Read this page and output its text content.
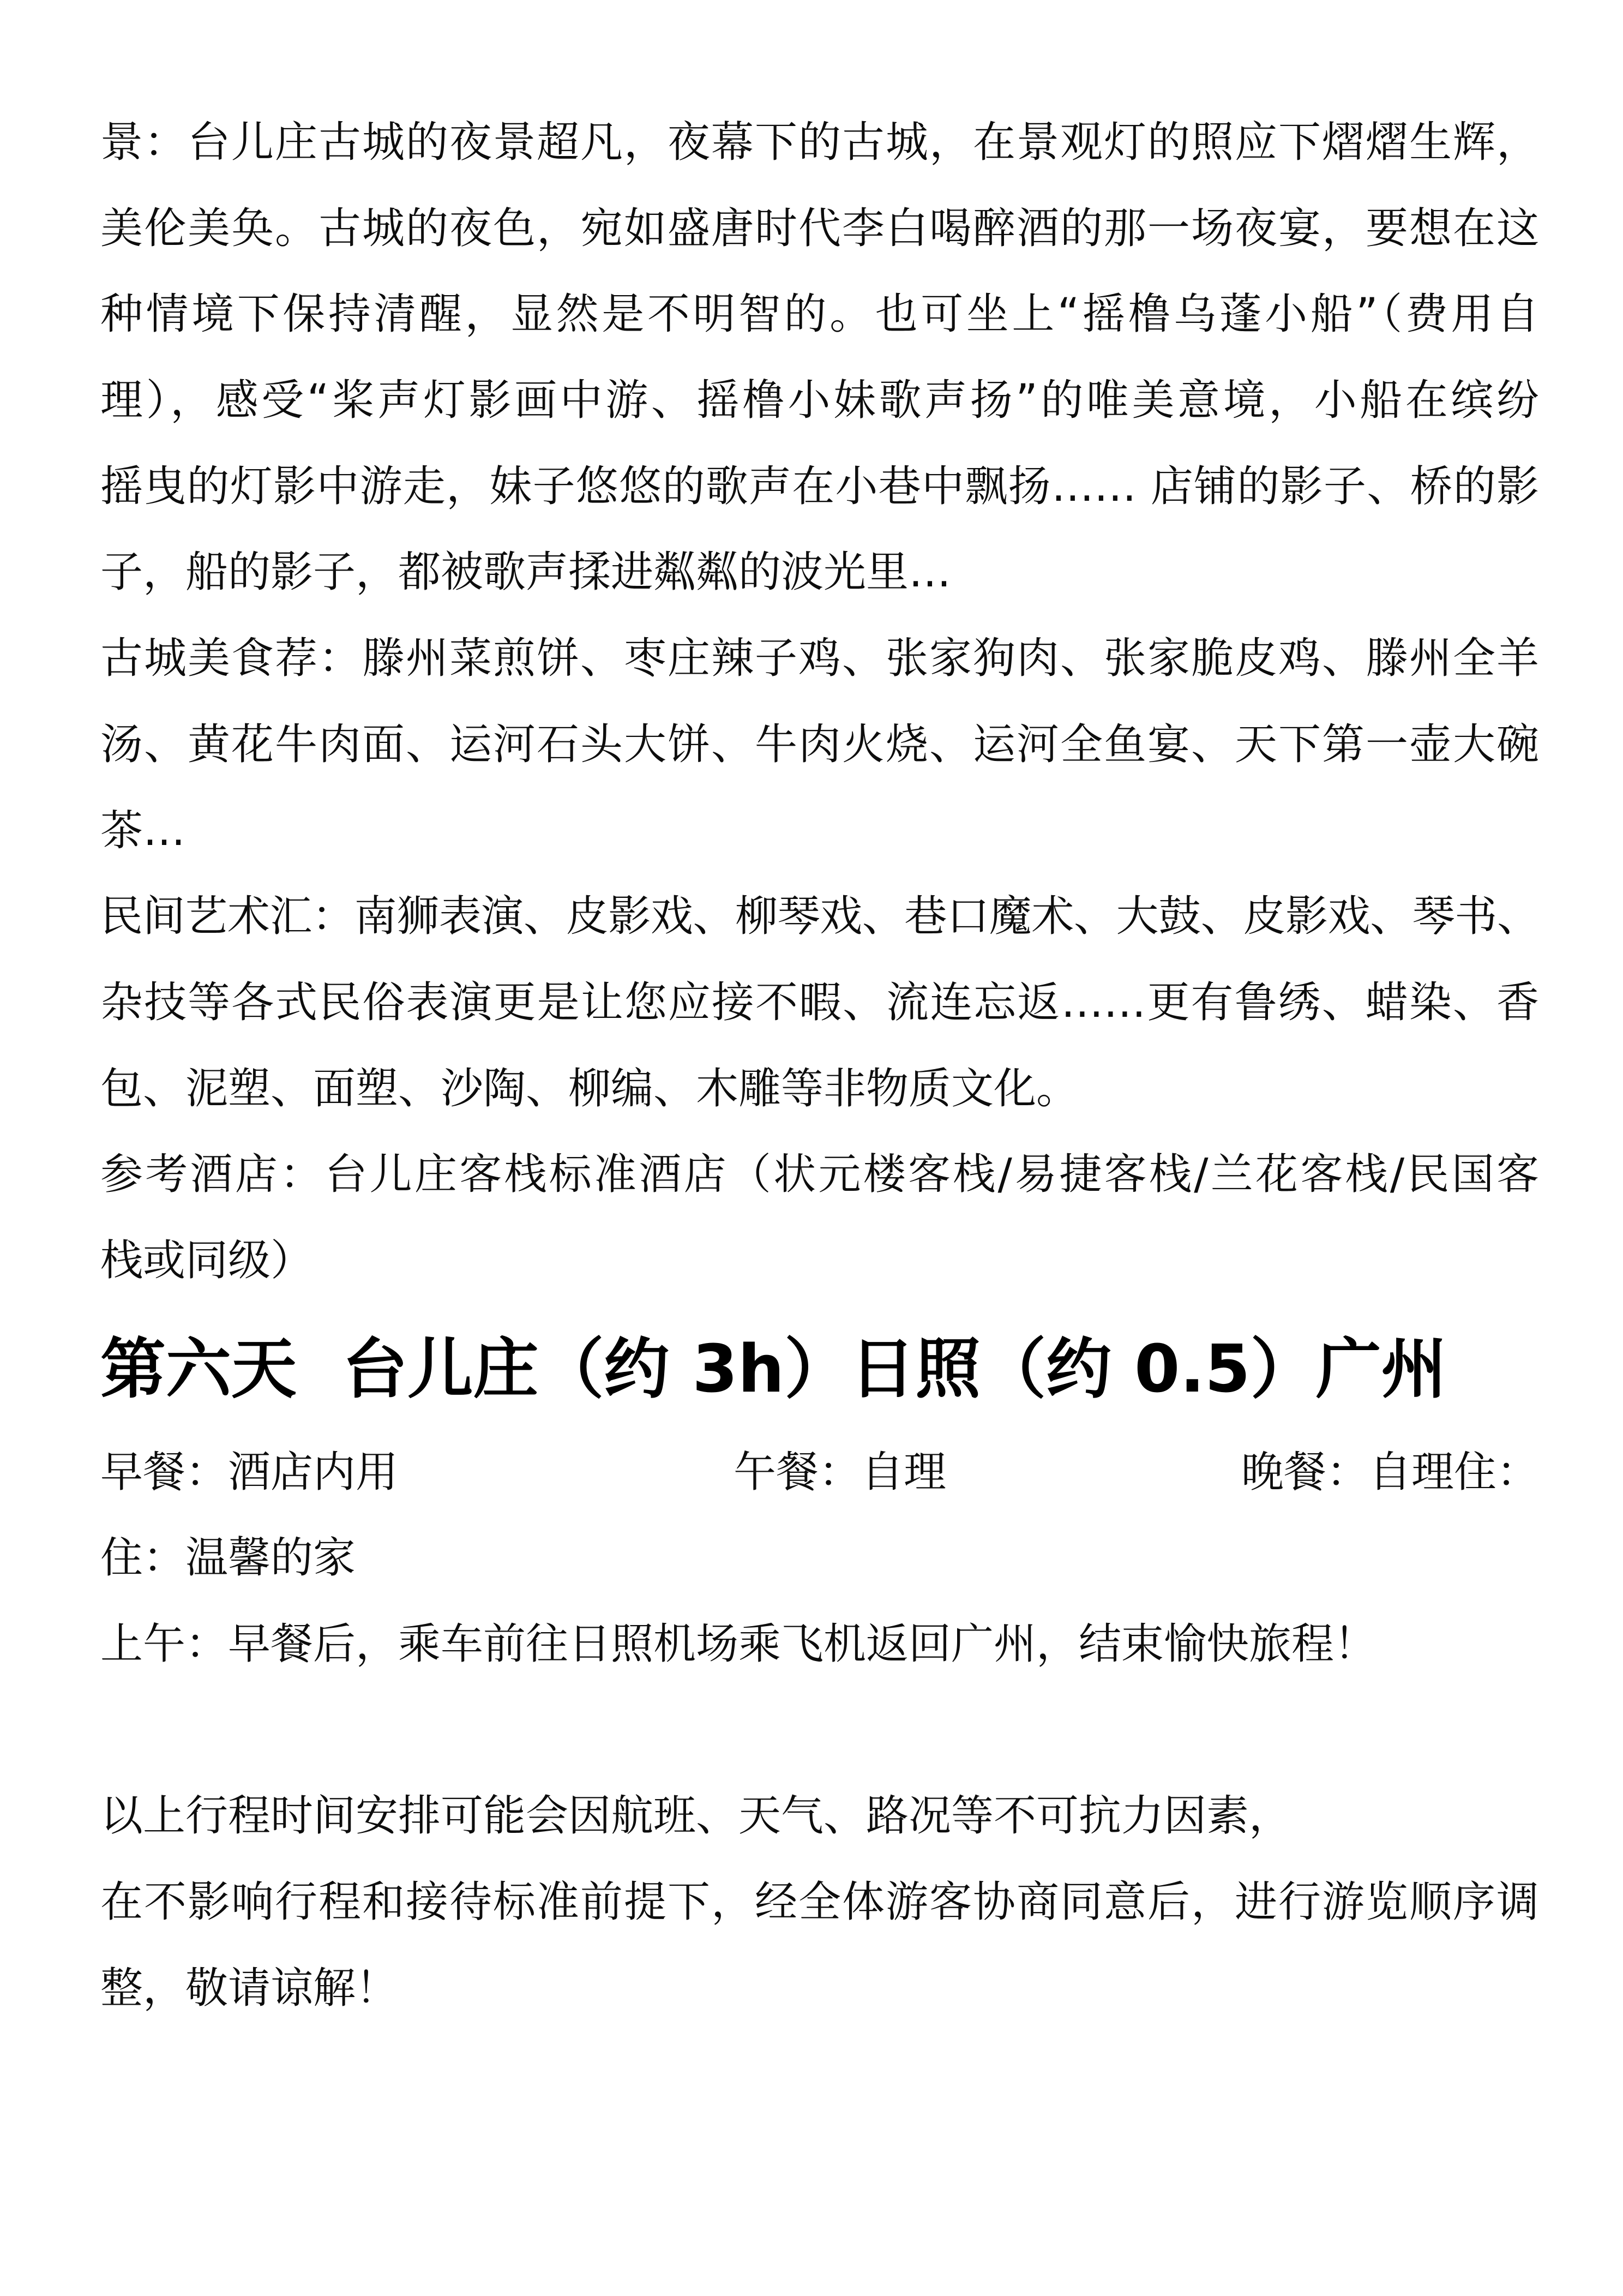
景：台儿庄古城的夜景超凡，夜幕下的古城，在景观灯的照应下熠熠生辉，
美伦美奂。古城的夜色，宛如盛唐时代李白喝醉酒的那一场夜宴，要想在这
种情境下保持清醒，显然是不明智的。也可坐上“摇橹乌蓬小船”（费用自
理），感受“桨声灯影画中游、摇橹小妹歌声扬”的唯美意境，小船在缤纷
摇曳的灯影中游走，妹子悠悠的歌声在小巷中飘扬…… 店铺的影子、桥的影
子，船的影子，都被歌声揉进粼粼的波光里…
古城美食荐：滕州菜煎饼、枣庄辣子鸡、张家狗肉、张家脆皮鸡、滕州全羊
汤、黄花牛肉面、运河石头大饼、牛肉火烧、运河全鱼宴、天下第一壶大碗
茶…
民间艺术汇：南狮表演、皮影戏、柳琴戏、巷口魔术、大鼓、皮影戏、琴书、
杂技等各式民俗表演更是让您应接不暇、流连忘返……更有鲁绣、蜡染、香
包、泥塑、面塑、沙陶、柳编、木雕等非物质文化。
参考酒店：台儿庄客栈标准酒店（状元楼客栈/易捷客栈/兰花客栈/民国客
栈或同级）
第六天  台儿庄（约 3h）日照（约 0.5）广州
早餐：酒店内用	午餐：自理	晚餐：自理住：
住：温馨的家
上午：早餐后，乘车前往日照机场乘飞机返回广州，结束愉快旅程！
以上行程时间安排可能会因航班、天气、路况等不可抗力因素，
在不影响行程和接待标准前提下，经全体游客协商同意后，进行游览顺序调
整，敬请谅解！
